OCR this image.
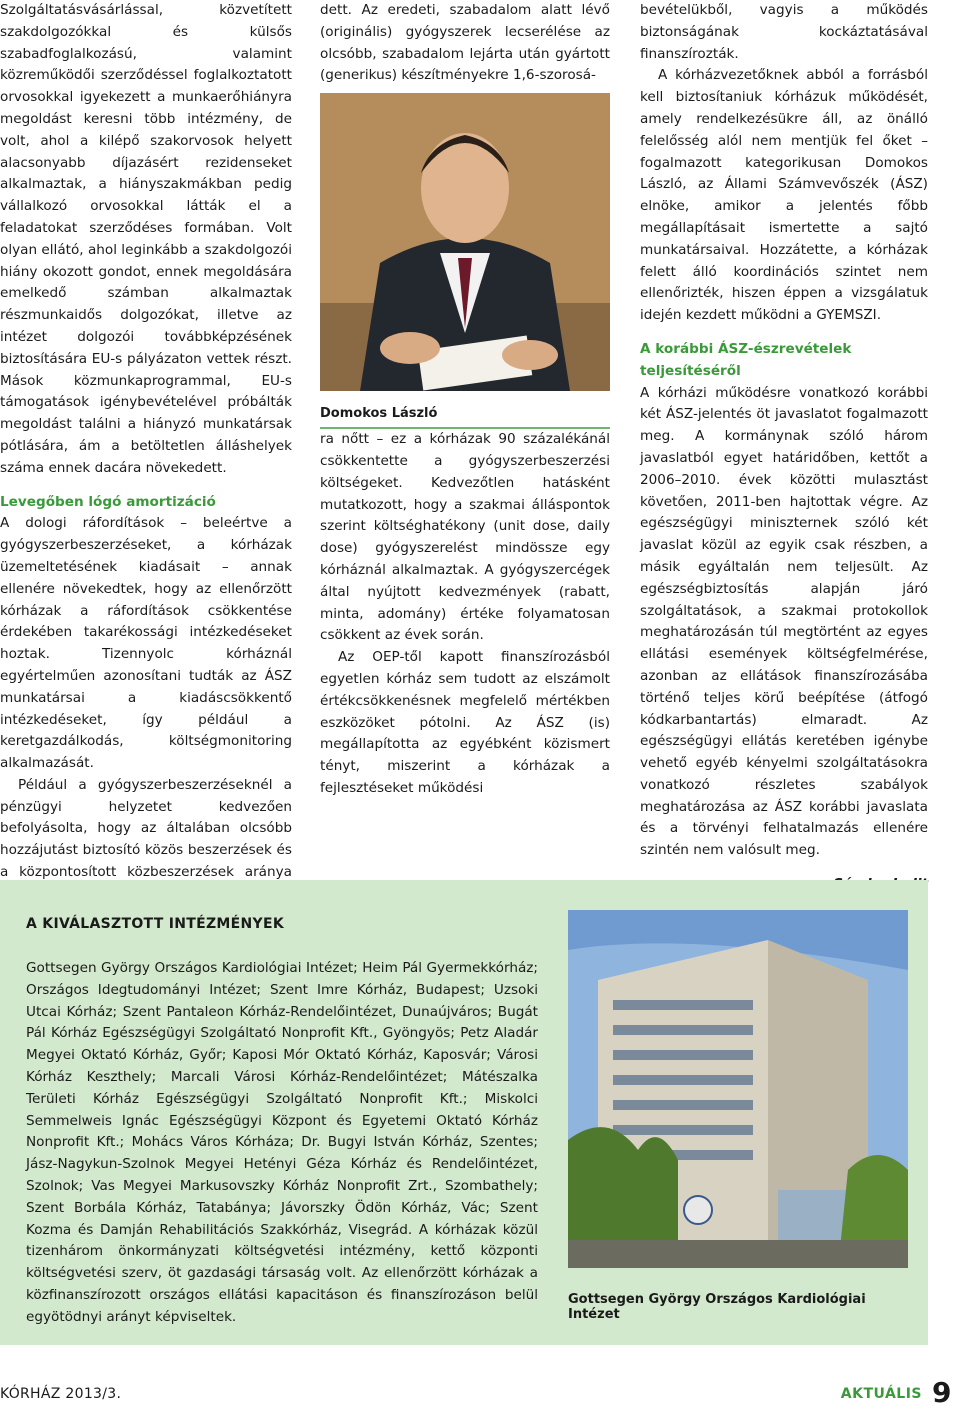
Szolgáltatásvásárlással, közvetített szakdolgozókkal és külsős szabadfoglalkozású, valamint közreműködői szerződéssel foglalkoztatott orvosokkal igyekezett a munkaerőhiányra megoldást keresni több intézmény, de volt, ahol a kilépő szakorvosok helyett alacsonyabb díjazásért rezidenseket alkalmaztak, a hiányszakmákban pedig vállalkozó orvosokkal látták el a feladatokat szerződéses formában. Volt olyan ellátó, ahol leginkább a szakdolgozói hiány okozott gondot, ennek megoldására emelkedő számban alkalmaztak részmunkaidős dolgozókat, illetve az intézet dolgozói továbbképzésének biztosítására EU-s pályázaton vettek részt. Mások közmunkaprogrammal, EU-s támogatások igénybevételével próbálták megoldást találni a hiányzó munkatársak pótlására, ám a betöltetlen álláshelyek száma ennek dacára növekedett.

Levegőben lógó amortizáció

A dologi ráfordítások – beleértve a gyógyszerbeszerzéseket, a kórházak üzemeltetésének kiadásait – annak ellenére növekedtek, hogy az ellenőrzött kórházak a ráfordítások csökkentése érdekében takarékossági intézkedéseket hoztak. Tizennyolc kórháznál egyértelműen azonosítani tudták az ÁSZ munkatársai a kiadáscsökkentő intézkedéseket, így például a keretgazdálkodás, költségmonitoring alkalmazását.

Például a gyógyszerbeszerzéseknél a pénzügyi helyzetet kedvezően befolyásolta, hogy az általában olcsóbb hozzájutást biztosító közös beszerzések és a központosított közbeszerzések aránya

dett. Az eredeti, szabadalom alatt lévő (originális) gyógyszerek lecserélése az olcsóbb, szabadalom lejárta után gyártott (generikus) készítményekre 1,6-szorosá-

Domokos László

ra nőtt – ez a kórházak 90 százalékánál csökkentette a gyógyszerbeszerzési költségeket. Kedvezőtlen hatásként mutatkozott, hogy a szakmai álláspontok szerint költséghatékony (unit dose, daily dose) gyógyszerelést mindössze egy kórháznál alkalmaztak. A gyógyszercégek által nyújtott kedvezmények (rabatt, minta, adomány) értéke folyamatosan csökkent az évek során.

Az OEP-től kapott finanszírozásból egyetlen kórház sem tudott az elszámolt értékcsökkenésnek megfelelő mértékben eszközöket pótolni. Az ÁSZ (is) megállapította az egyébként közismert tényt, miszerint a kórházak a fejlesztéseket működési

bevételükből, vagyis a működés biztonságának kockáztatásával finanszírozták.

A kórházvezetőknek abból a forrásból kell biztosítaniuk kórházuk működését, amely rendelkezésükre áll, az önálló felelősség alól nem mentjük fel őket – fogalmazott kategorikusan Domokos László, az Állami Számvevőszék (ÁSZ) elnöke, amikor a jelentés főbb megállapításait ismertette a sajtó munkatársaival. Hozzátette, a kórházak felett álló koordinációs szintet nem ellenőrizték, hiszen éppen a vizsgálatuk idején kezdett működni a GYEMSZI.

A korábbi ÁSZ-észrevételek teljesítéséről

A kórházi működésre vonatkozó korábbi két ÁSZ-jelentés öt javaslatot fogalmazott meg. A kormánynak szóló három javaslatból egyet határidőben, kettőt a 2006–2010. évek közötti mulasztást követően, 2011-ben hajtottak végre. Az egészségügyi miniszternek szóló két javaslat közül az egyik csak részben, a másik egyáltalán nem teljesült. Az egészségbiztosítás alapján járó szolgáltatások, a szakmai protokollok meghatározásán túl megtörtént az egyes ellátási események költségfelmérése, azonban az ellátások finanszírozásába történő teljes körű beépítése (átfogó kódkarbantartás) elmaradt. Az egészségügyi ellátás keretében igénybe vehető egyéb kényelmi szolgáltatásokra vonatkozó részletes szabályok meghatározása az ÁSZ korábbi javaslata és a törvényi felhatalmazás ellenére szintén nem valósult meg.

A KIVÁLASZTOTT INTÉZMÉNYEK
Gottsegen György Országos Kardiológiai Intézet; Heim Pál Gyermekkórház; Országos Idegtudományi Intézet; Szent Imre Kórház, Budapest; Uzsoki Utcai Kórház; Szent Pantaleon Kórház-Rendelőintézet, Dunaújváros; Bugát Pál Kórház Egészségügyi Szolgáltató Nonprofit Kft., Gyöngyös; Petz Aladár Megyei Oktató Kórház, Győr; Kaposi Mór Oktató Kórház, Kaposvár; Városi Kórház Keszthely; Marcali Városi Kórház-Rendelőintézet; Mátészalka Területi Kórház Egészségügyi Szolgáltató Nonprofit Kft.; Miskolci Semmelweis Ignác Egészségügyi Központ és Egyetemi Oktató Kórház Nonprofit Kft.; Mohács Város Kórháza; Dr. Bugyi István Kórház, Szentes; Jász-Nagykun-Szolnok Megyei Hetényi Géza Kórház és Rendelőintézet, Szolnok; Vas Megyei Markusovszky Kórház Nonprofit Zrt., Szombathely; Szent Borbála Kórház, Tatabánya; Jávorszky Ödön Kórház, Vác; Szent Kozma és Damján Rehabilitációs Szakkórház, Visegrád. A kórházak közül tizenhárom önkormányzati költségvetési intézmény, kettő központi költségvetési szerv, öt gazdasági társaság volt. Az ellenőrzött kórházak a közfinanszírozott országos ellátási kapacitáson és finanszírozáson belül egyötödnyi arányt képviseltek.
Gottsegen György Országos Kardiológiai Intézet
KÓRHÁZ 2013/3.	AKTUÁLIS 9
